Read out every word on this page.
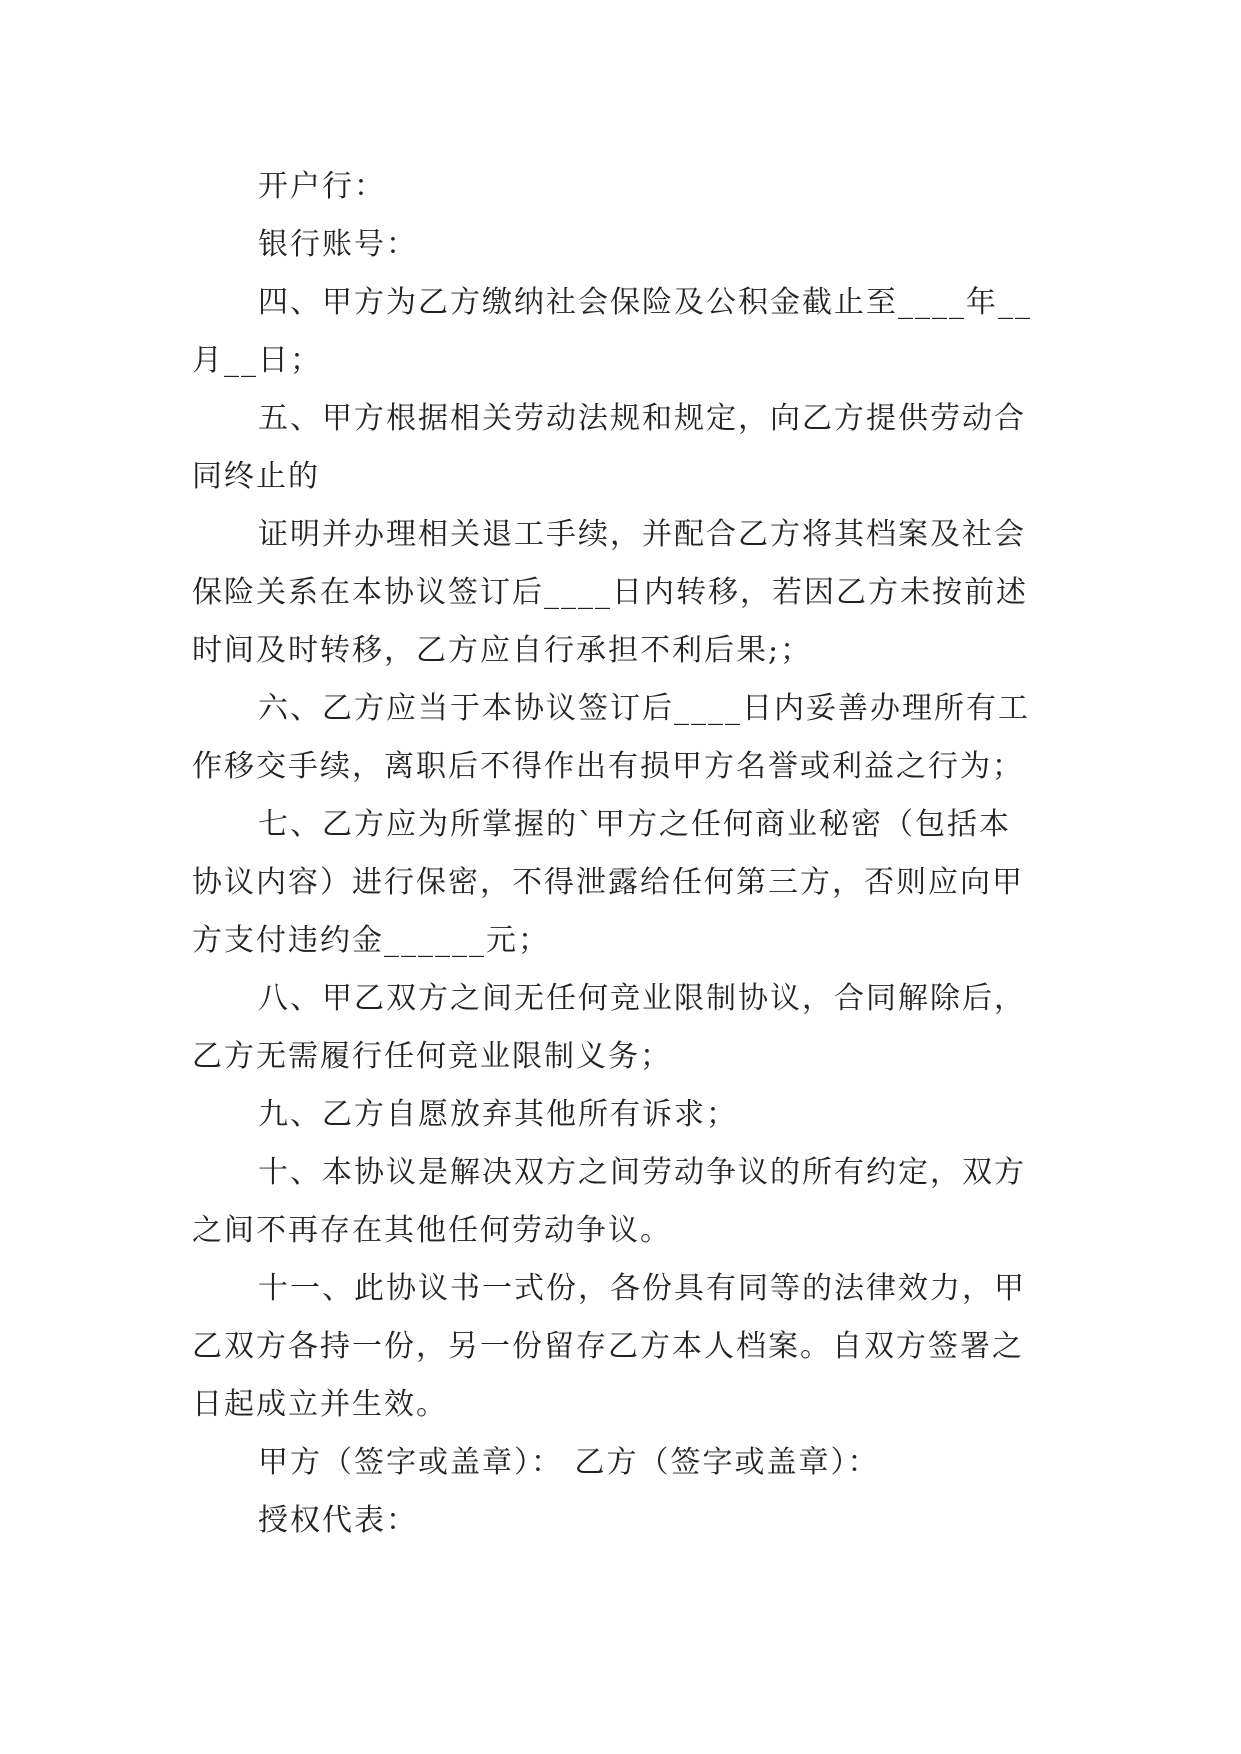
开户行：
银行账号：
四、甲方为乙方缴纳社会保险及公积金截止至____年__
月__日；
五、甲方根据相关劳动法规和规定，向乙方提供劳动合
同终止的
证明并办理相关退工手续，并配合乙方将其档案及社会
保险关系在本协议签订后____日内转移，若因乙方未按前述
时间及时转移，乙方应自行承担不利后果;；
六、乙方应当于本协议签订后____日内妥善办理所有工
作移交手续，离职后不得作出有损甲方名誉或利益之行为；
七、乙方应为所掌握的`甲方之任何商业秘密（包括本
协议内容）进行保密，不得泄露给任何第三方，否则应向甲
方支付违约金______元；
八、甲乙双方之间无任何竞业限制协议，合同解除后，
乙方无需履行任何竞业限制义务；
九、乙方自愿放弃其他所有诉求；
十、本协议是解决双方之间劳动争议的所有约定，双方
之间不再存在其他任何劳动争议。
十一、此协议书一式份，各份具有同等的法律效力，甲
乙双方各持一份，另一份留存乙方本人档案。自双方签署之
日起成立并生效。
甲方（签字或盖章）： 乙方（签字或盖章）：
授权代表：
